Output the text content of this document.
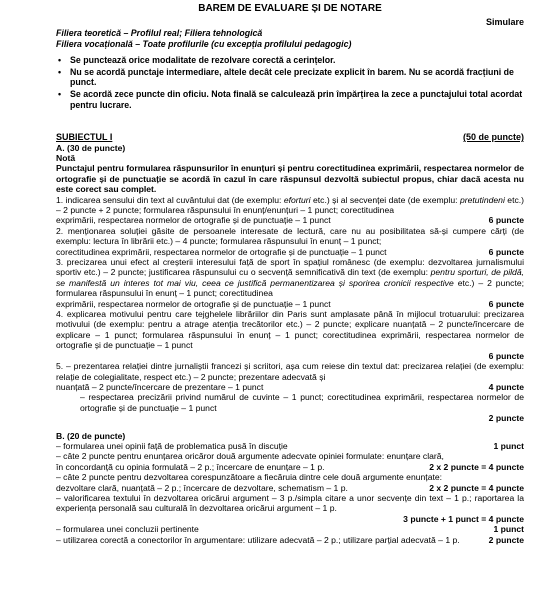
BAREM DE EVALUARE ȘI DE NOTARE
Simulare
Filiera teoretică – Profilul real; Filiera tehnologică
Filiera vocațională – Toate profilurile (cu excepția profilului pedagogic)
• Se punctează orice modalitate de rezolvare corectă a cerințelor.
• Nu se acordă punctaje intermediare, altele decât cele precizate explicit în barem. Nu se acordă fracțiuni de punct.
• Se acordă zece puncte din oficiu. Nota finală se calculează prin împărțirea la zece a punctajului total acordat pentru lucrare.
SUBIECTUL I	(50 de puncte)
A. (30 de puncte)
Notă

Punctajul pentru formularea răspunsurilor în enunțuri și pentru corectitudinea exprimării, respectarea normelor de ortografie și de punctuație se acordă în cazul în care răspunsul dezvoltă subiectul propus, chiar dacă acesta nu este corect sau complet.

1. indicarea sensului din text al cuvântului dat (de exemplu: eforturi etc.) și al secvenței date (de exemplu: pretutindeni etc.) – 2 puncte + 2 puncte; formularea răspunsului în enunț/enunțuri – 1 punct; corectitudinea

exprimării, respectarea normelor de ortografie și de punctuație – 1 punct	6 puncte

2. menționarea soluției găsite de persoanele interesate de lectură, care nu au posibilitatea să-și cumpere cărți (de exemplu: lectura în librării etc.) – 4 puncte; formularea răspunsului în enunț – 1 punct;

corectitudinea exprimării, respectarea normelor de ortografie și de punctuație – 1 punct	6 puncte

3. precizarea unui efect al creșterii interesului față de sport în spațiul românesc (de exemplu: dezvoltarea jurnalismului sportiv etc.) – 2 puncte; justificarea răspunsului cu o secvență semnificativă din text (de exemplu: pentru sporturi, de pildă, se manifestă un interes tot mai viu, ceea ce justifică permanentizarea și sporirea cronicii respective etc.) – 2 puncte; formularea răspunsului în enunț – 1 punct; corectitudinea

exprimării, respectarea normelor de ortografie și de punctuație – 1 punct	6 puncte

4. explicarea motivului pentru care tejghelele librăriilor din Paris sunt amplasate până în mijlocul trotuarului: precizarea motivului (de exemplu: pentru a atrage atenția trecătorilor etc.) – 2 puncte; explicare nuanțată – 2 puncte/încercare de explicare – 1 punct; formularea răspunsului în enunț – 1 punct; corectitudinea exprimării, respectarea normelor de ortografie și de punctuație – 1 punct

6 puncte

5. – prezentarea relației dintre jurnaliștii francezi și scriitori, așa cum reiese din textul dat: precizarea relației (de exemplu: relație de colegialitate, respect etc.) – 2 puncte; prezentare adecvată și

nuanțată – 2 puncte/încercare de prezentare – 1 punct	4 puncte

– respectarea precizării privind numărul de cuvinte – 1 punct; corectitudinea exprimării, respectarea normelor de ortografie și de punctuație – 1 punct

2 puncte
B. (20 de puncte)
– formularea unei opinii față de problematica pusă în discuție	1 punct

– câte 2 puncte pentru enunțarea oricăror două argumente adecvate opiniei formulate: enunțare clară,

în concordanță cu opinia formulată – 2 p.; încercare de enunțare – 1 p.	2 x 2 puncte = 4 puncte

– câte 2 puncte pentru dezvoltarea corespunzătoare a fiecăruia dintre cele două argumente enunțate:

dezvoltare clară, nuanțată – 2 p.; încercare de dezvoltare, schematism – 1 p.	2 x 2 puncte = 4 puncte

– valorificarea textului în dezvoltarea oricărui argument – 3 p./simpla citare a unor secvențe din text – 1 p.; raportarea la experiența personală sau culturală în dezvoltarea oricărui argument – 1 p.

3 puncte + 1 punct = 4 puncte
– formularea unei concluzii pertinente	1 punct
– utilizarea corectă a conectorilor în argumentare: utilizare adecvată – 2 p.; utilizare parțial adecvată – 1 p.	2 puncte
